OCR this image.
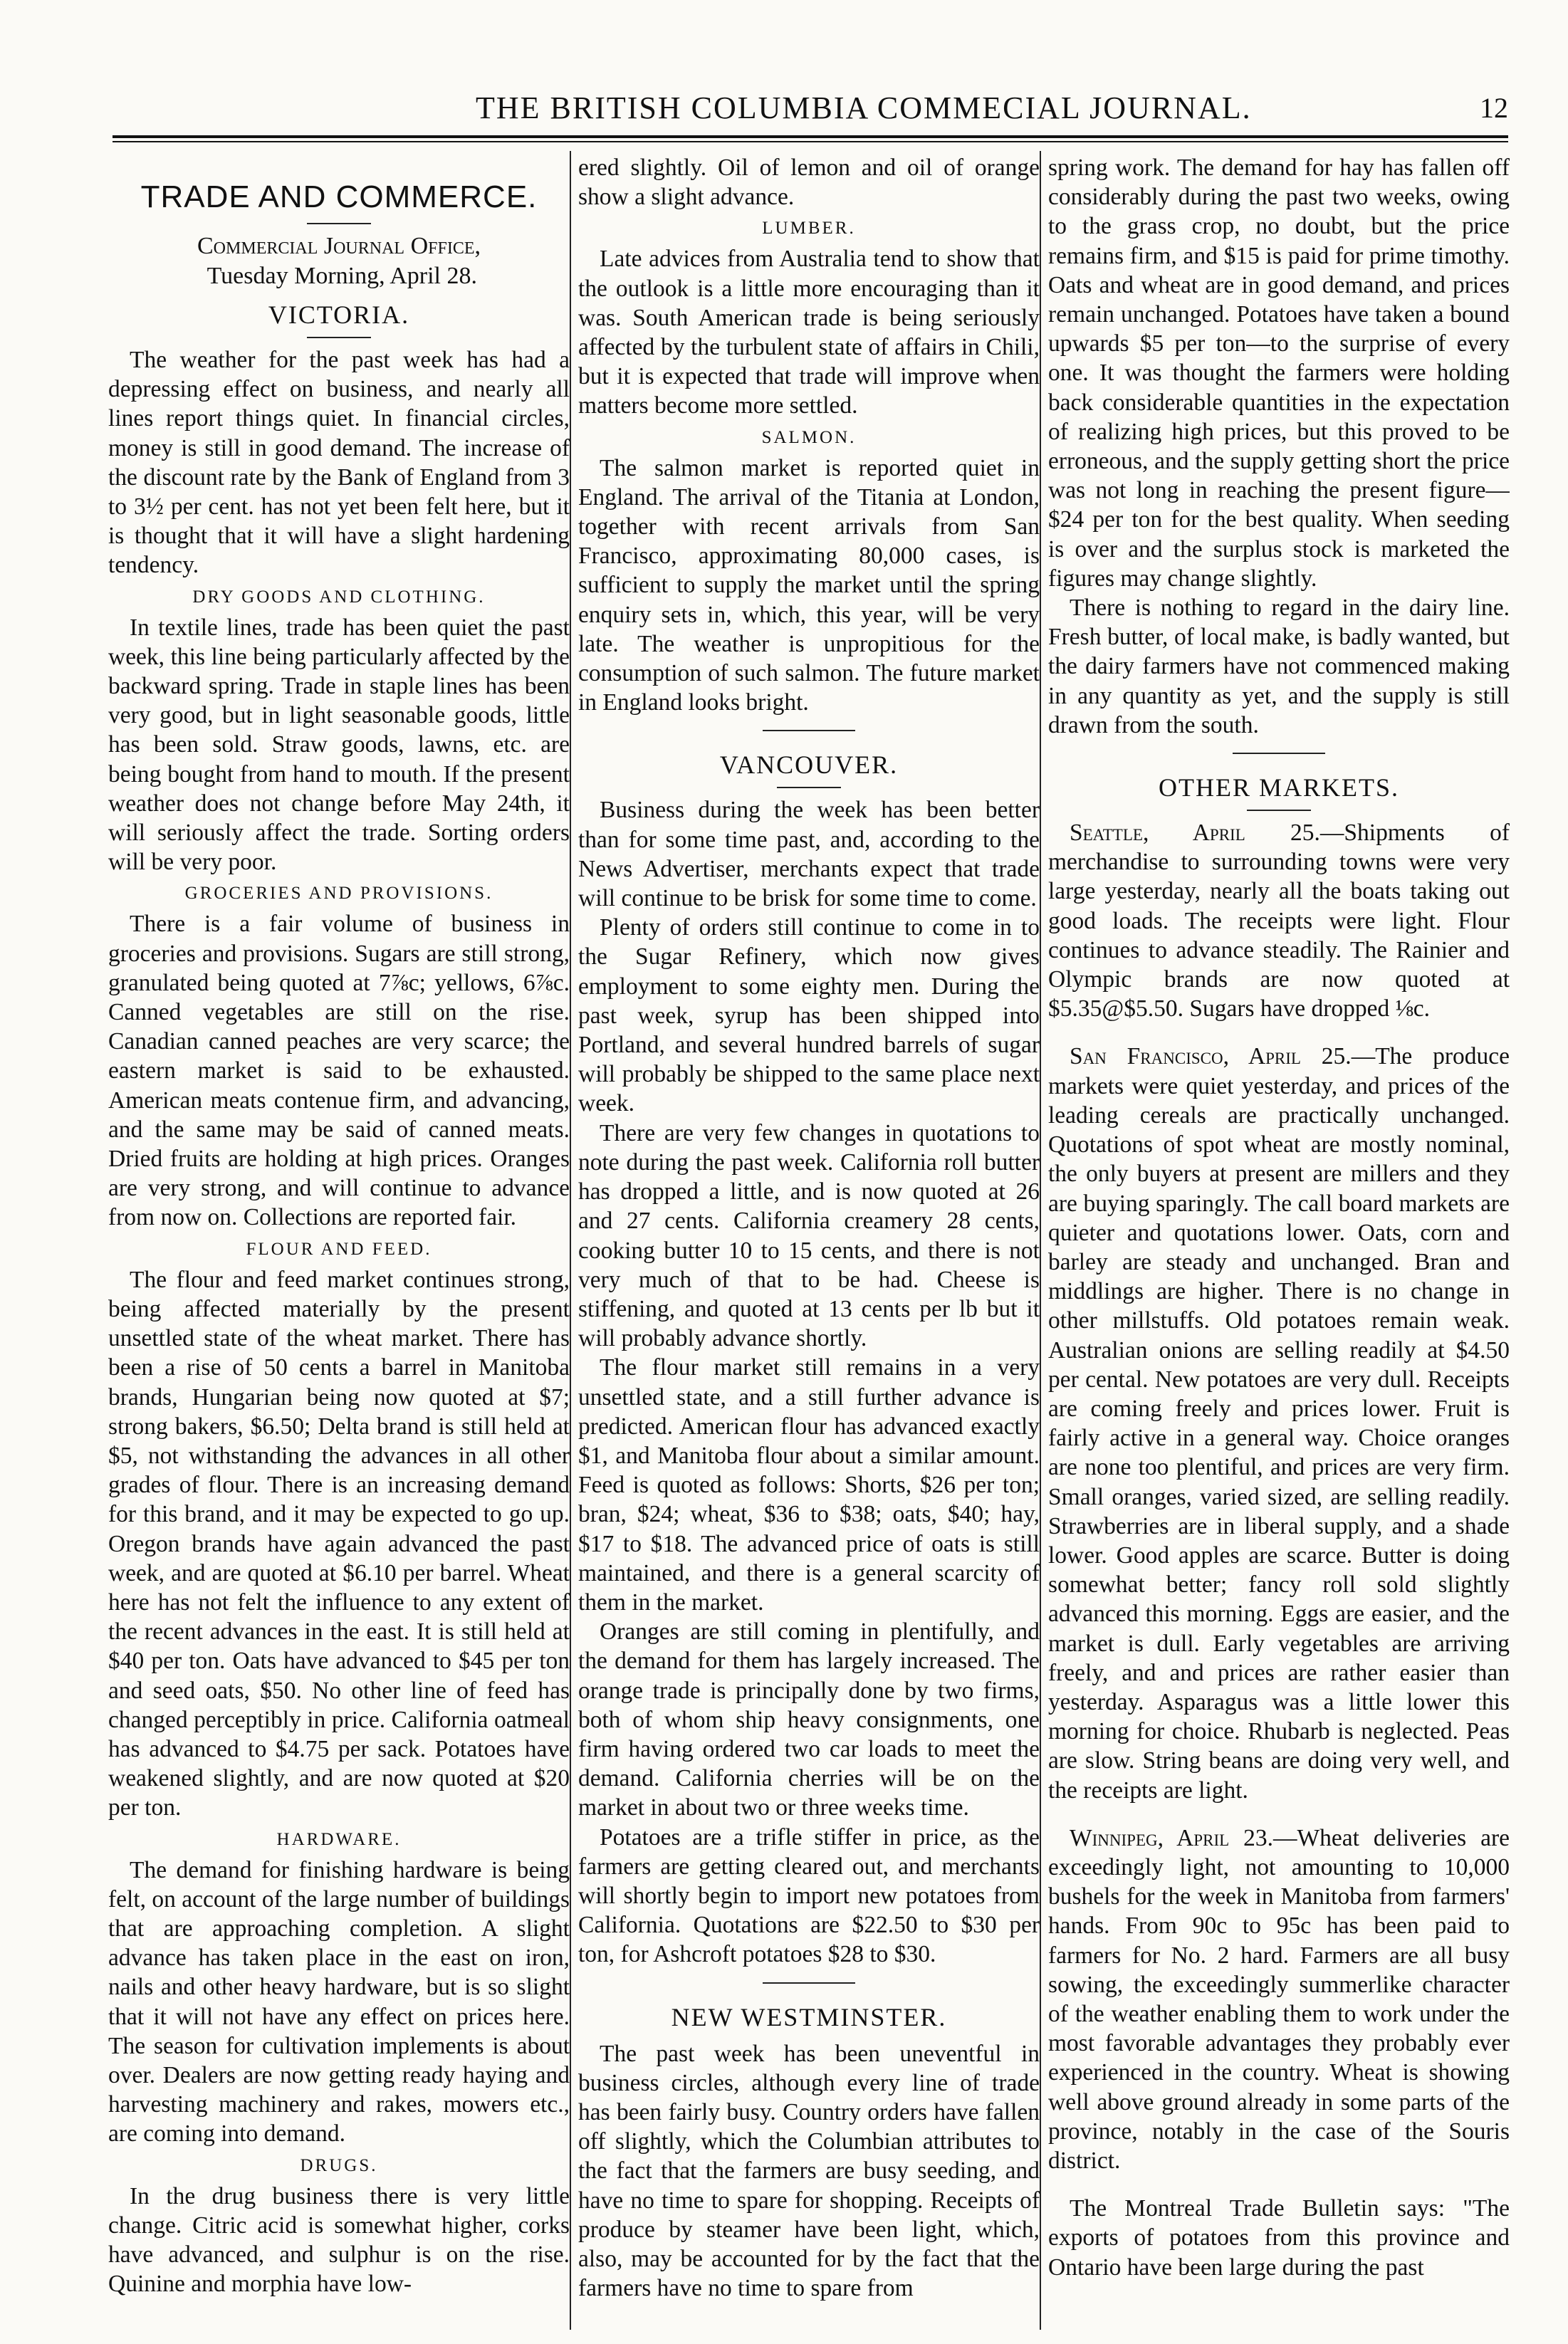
THE BRITISH COLUMBIA COMMECIAL JOURNAL.	12
TRADE AND COMMERCE.
Commercial Journal Office,
Tuesday Morning, April 28.
VICTORIA.

The weather for the past week has had a depressing effect on business, and nearly all lines report things quiet. In financial circles, money is still in good demand. The increase of the discount rate by the Bank of England from 3 to 3½ per cent. has not yet been felt here, but it is thought that it will have a slight hardening tendency.

DRY GOODS AND CLOTHING.

In textile lines, trade has been quiet the past week, this line being particularly affected by the backward spring. Trade in staple lines has been very good, but in light seasonable goods, little has been sold. Straw goods, lawns, etc. are being bought from hand to mouth. If the present weather does not change before May 24th, it will seriously affect the trade. Sorting orders will be very poor.

GROCERIES AND PROVISIONS.

There is a fair volume of business in groceries and provisions. Sugars are still strong, granulated being quoted at 7⅞c; yellows, 6⅞c. Canned vegetables are still on the rise. Canadian canned peaches are very scarce; the eastern market is said to be exhausted. American meats contenue firm, and advancing, and the same may be said of canned meats. Dried fruits are holding at high prices. Oranges are very strong, and will continue to advance from now on. Collections are reported fair.

FLOUR AND FEED.

The flour and feed market continues strong, being affected materially by the present unsettled state of the wheat market. There has been a rise of 50 cents a barrel in Manitoba brands, Hungarian being now quoted at $7; strong bakers, $6.50; Delta brand is still held at $5, not withstanding the advances in all other grades of flour. There is an increasing demand for this brand, and it may be expected to go up. Oregon brands have again advanced the past week, and are quoted at $6.10 per barrel. Wheat here has not felt the influence to any extent of the recent advances in the east. It is still held at $40 per ton. Oats have advanced to $45 per ton and seed oats, $50. No other line of feed has changed perceptibly in price. California oatmeal has advanced to $4.75 per sack. Potatoes have weakened slightly, and are now quoted at $20 per ton.

HARDWARE.

The demand for finishing hardware is being felt, on account of the large number of buildings that are approaching completion. A slight advance has taken place in the east on iron, nails and other heavy hardware, but is so slight that it will not have any effect on prices here. The season for cultivation implements is about over. Dealers are now getting ready haying and harvesting machinery and rakes, mowers etc., are coming into demand.

DRUGS.

In the drug business there is very little change. Citric acid is somewhat higher, corks have advanced, and sulphur is on the rise. Quinine and morphia have low-

ered slightly. Oil of lemon and oil of orange show a slight advance.

LUMBER.

Late advices from Australia tend to show that the outlook is a little more encouraging than it was. South American trade is being seriously affected by the turbulent state of affairs in Chili, but it is expected that trade will improve when matters become more settled.

SALMON.

The salmon market is reported quiet in England. The arrival of the Titania at London, together with recent arrivals from San Francisco, approximating 80,000 cases, is sufficient to supply the market until the spring enquiry sets in, which, this year, will be very late. The weather is unpropitious for the consumption of such salmon. The future market in England looks bright.

VANCOUVER.

Business during the week has been better than for some time past, and, according to the News Advertiser, merchants expect that trade will continue to be brisk for some time to come.

Plenty of orders still continue to come in to the Sugar Refinery, which now gives employment to some eighty men. During the past week, syrup has been shipped into Portland, and several hundred barrels of sugar will probably be shipped to the same place next week.

There are very few changes in quotations to note during the past week. California roll butter has dropped a little, and is now quoted at 26 and 27 cents. California creamery 28 cents, cooking butter 10 to 15 cents, and there is not very much of that to be had. Cheese is stiffening, and quoted at 13 cents per lb but it will probably advance shortly.

The flour market still remains in a very unsettled state, and a still further advance is predicted. American flour has advanced exactly $1, and Manitoba flour about a similar amount. Feed is quoted as follows: Shorts, $26 per ton; bran, $24; wheat, $36 to $38; oats, $40; hay, $17 to $18. The advanced price of oats is still maintained, and there is a general scarcity of them in the market.

Oranges are still coming in plentifully, and the demand for them has largely increased. The orange trade is principally done by two firms, both of whom ship heavy consignments, one firm having ordered two car loads to meet the demand. California cherries will be on the market in about two or three weeks time.

Potatoes are a trifle stiffer in price, as the farmers are getting cleared out, and merchants will shortly begin to import new potatoes from California. Quotations are $22.50 to $30 per ton, for Ashcroft potatoes $28 to $30.

NEW WESTMINSTER.

The past week has been uneventful in business circles, although every line of trade has been fairly busy. Country orders have fallen off slightly, which the Columbian attributes to the fact that the farmers are busy seeding, and have no time to spare for shopping. Receipts of produce by steamer have been light, which, also, may be accounted for by the fact that the farmers have no time to spare from

spring work. The demand for hay has fallen off considerably during the past two weeks, owing to the grass crop, no doubt, but the price remains firm, and $15 is paid for prime timothy. Oats and wheat are in good demand, and prices remain unchanged. Potatoes have taken a bound upwards $5 per ton—to the surprise of every one. It was thought the farmers were holding back considerable quantities in the expectation of realizing high prices, but this proved to be erroneous, and the supply getting short the price was not long in reaching the present figure—$24 per ton for the best quality. When seeding is over and the surplus stock is marketed the figures may change slightly.

There is nothing to regard in the dairy line. Fresh butter, of local make, is badly wanted, but the dairy farmers have not commenced making in any quantity as yet, and the supply is still drawn from the south.

OTHER MARKETS.

Seattle, April 25.—Shipments of merchandise to surrounding towns were very large yesterday, nearly all the boats taking out good loads. The receipts were light. Flour continues to advance steadily. The Rainier and Olympic brands are now quoted at $5.35@$5.50. Sugars have dropped ⅛c.

San Francisco, April 25.—The produce markets were quiet yesterday, and prices of the leading cereals are practically unchanged. Quotations of spot wheat are mostly nominal, the only buyers at present are millers and they are buying sparingly. The call board markets are quieter and quotations lower. Oats, corn and barley are steady and unchanged. Bran and middlings are higher. There is no change in other millstuffs. Old potatoes remain weak. Australian onions are selling readily at $4.50 per cental. New potatoes are very dull. Receipts are coming freely and prices lower. Fruit is fairly active in a general way. Choice oranges are none too plentiful, and prices are very firm. Small oranges, varied sized, are selling readily. Strawberries are in liberal supply, and a shade lower. Good apples are scarce. Butter is doing somewhat better; fancy roll sold slightly advanced this morning. Eggs are easier, and the market is dull. Early vegetables are arriving freely, and and prices are rather easier than yesterday. Asparagus was a little lower this morning for choice. Rhubarb is neglected. Peas are slow. String beans are doing very well, and the receipts are light.

Winnipeg, April 23.—Wheat deliveries are exceedingly light, not amounting to 10,000 bushels for the week in Manitoba from farmers' hands. From 90c to 95c has been paid to farmers for No. 2 hard. Farmers are all busy sowing, the exceedingly summerlike character of the weather enabling them to work under the most favorable advantages they probably ever experienced in the country. Wheat is showing well above ground already in some parts of the province, notably in the case of the Souris district.

The Montreal Trade Bulletin says: "The exports of potatoes from this province and Ontario have been large during the past
